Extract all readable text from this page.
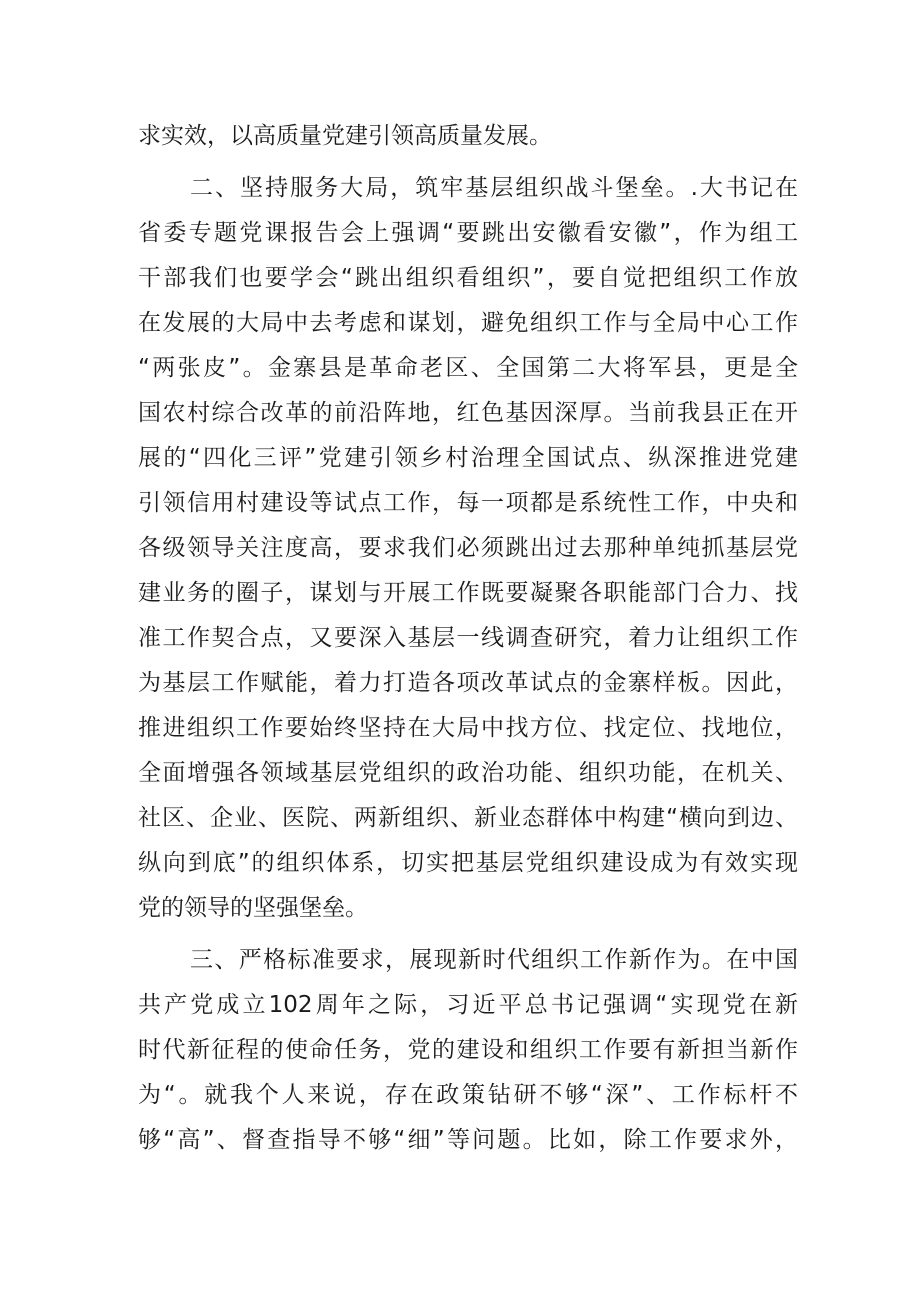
求实效，以高质量党建引领高质量发展。
二、坚持服务大局，筑牢基层组织战斗堡垒。.大书记在
省委专题党课报告会上强调“要跳出安徽看安徽”，作为组工
干部我们也要学会“跳出组织看组织”，要自觉把组织工作放
在发展的大局中去考虑和谋划，避免组织工作与全局中心工作
“两张皮”。金寨县是革命老区、全国第二大将军县，更是全
国农村综合改革的前沿阵地，红色基因深厚。当前我县正在开
展的“四化三评”党建引领乡村治理全国试点、纵深推进党建
引领信用村建设等试点工作，每一项都是系统性工作，中央和
各级领导关注度高，要求我们必须跳出过去那种单纯抓基层党
建业务的圈子，谋划与开展工作既要凝聚各职能部门合力、找
准工作契合点，又要深入基层一线调查研究，着力让组织工作
为基层工作赋能，着力打造各项改革试点的金寨样板。因此，
推进组织工作要始终坚持在大局中找方位、找定位、找地位，
全面增强各领域基层党组织的政治功能、组织功能，在机关、
社区、企业、医院、两新组织、新业态群体中构建“横向到边、
纵向到底”的组织体系，切实把基层党组织建设成为有效实现
党的领导的坚强堡垒。
三、严格标准要求，展现新时代组织工作新作为。在中国
共产党成立102周年之际，习近平总书记强调“实现党在新
时代新征程的使命任务，党的建设和组织工作要有新担当新作
为“。就我个人来说，存在政策钻研不够“深”、工作标杆不
够“高”、督查指导不够“细”等问题。比如，除工作要求外，
